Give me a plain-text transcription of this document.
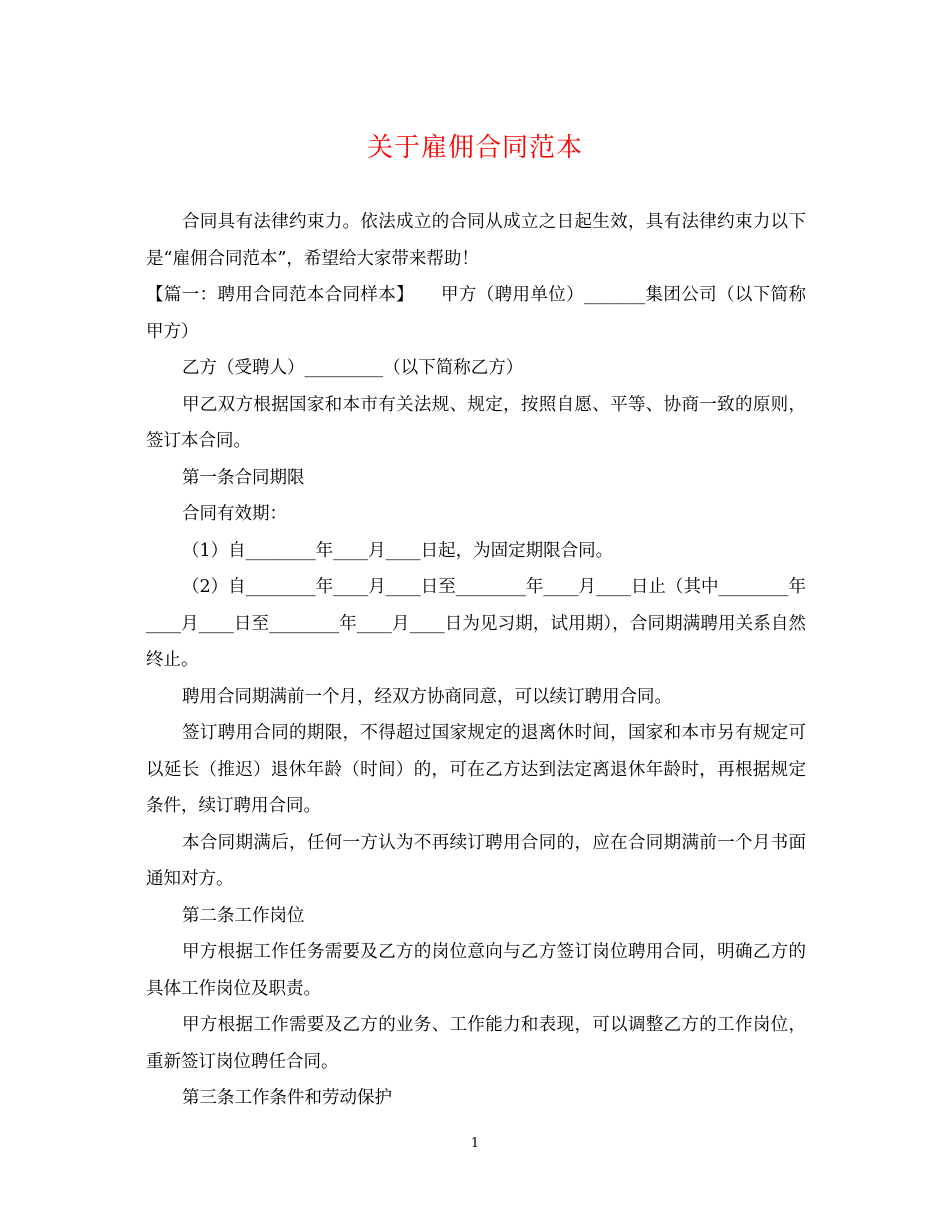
关于雇佣合同范本

合同具有法律约束力。依法成立的合同从成立之日起生效，具有法律约束力以下是“雇佣合同范本”，希望给大家带来帮助！

【篇一：聘用合同范本合同样本】　　甲方（聘用单位）_______集团公司（以下简称甲方）

乙方（受聘人）_________（以下简称乙方）

甲乙双方根据国家和本市有关法规、规定，按照自愿、平等、协商一致的原则，签订本合同。

第一条合同期限

合同有效期：

（1）自________年____月____日起，为固定期限合同。

（2）自________年____月____日至________年____月____日止（其中________年____月____日至________年____月____日为见习期，试用期），合同期满聘用关系自然终止。

聘用合同期满前一个月，经双方协商同意，可以续订聘用合同。

签订聘用合同的期限，不得超过国家规定的退离休时间，国家和本市另有规定可以延长（推迟）退休年龄（时间）的，可在乙方达到法定离退休年龄时，再根据规定条件，续订聘用合同。

本合同期满后，任何一方认为不再续订聘用合同的，应在合同期满前一个月书面通知对方。

第二条工作岗位

甲方根据工作任务需要及乙方的岗位意向与乙方签订岗位聘用合同，明确乙方的具体工作岗位及职责。

甲方根据工作需要及乙方的业务、工作能力和表现，可以调整乙方的工作岗位，重新签订岗位聘任合同。

第三条工作条件和劳动保护

1
